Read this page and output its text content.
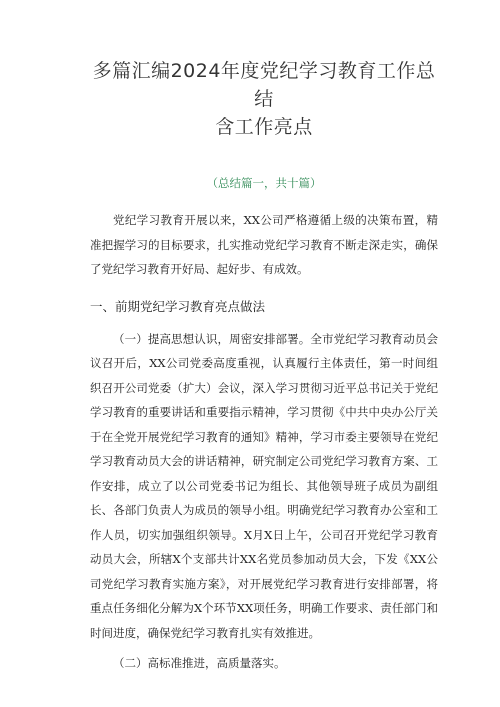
多篇汇编2024年度党纪学习教育工作总结
含工作亮点
（总结篇一，共十篇）

党纪学习教育开展以来，XX公司严格遵循上级的决策布置，精准把握学习的目标要求，扎实推动党纪学习教育不断走深走实，确保了党纪学习教育开好局、起好步、有成效。

一、前期党纪学习教育亮点做法

（一）提高思想认识，周密安排部署。全市党纪学习教育动员会议召开后，XX公司党委高度重视，认真履行主体责任，第一时间组织召开公司党委（扩大）会议，深入学习贯彻习近平总书记关于党纪学习教育的重要讲话和重要指示精神，学习贯彻《中共中央办公厅关于在全党开展党纪学习教育的通知》精神，学习市委主要领导在党纪学习教育动员大会的讲话精神，研究制定公司党纪学习教育方案、工作安排，成立了以公司党委书记为组长、其他领导班子成员为副组长、各部门负责人为成员的领导小组。明确党纪学习教育办公室和工作人员，切实加强组织领导。X月X日上午，公司召开党纪学习教育动员大会，所辖X个支部共计XX名党员参加动员大会，下发《XX公司党纪学习教育实施方案》，对开展党纪学习教育进行安排部署，将重点任务细化分解为X个环节XX项任务，明确工作要求、责任部门和时间进度，确保党纪学习教育扎实有效推进。

（二）高标准推进，高质量落实。
